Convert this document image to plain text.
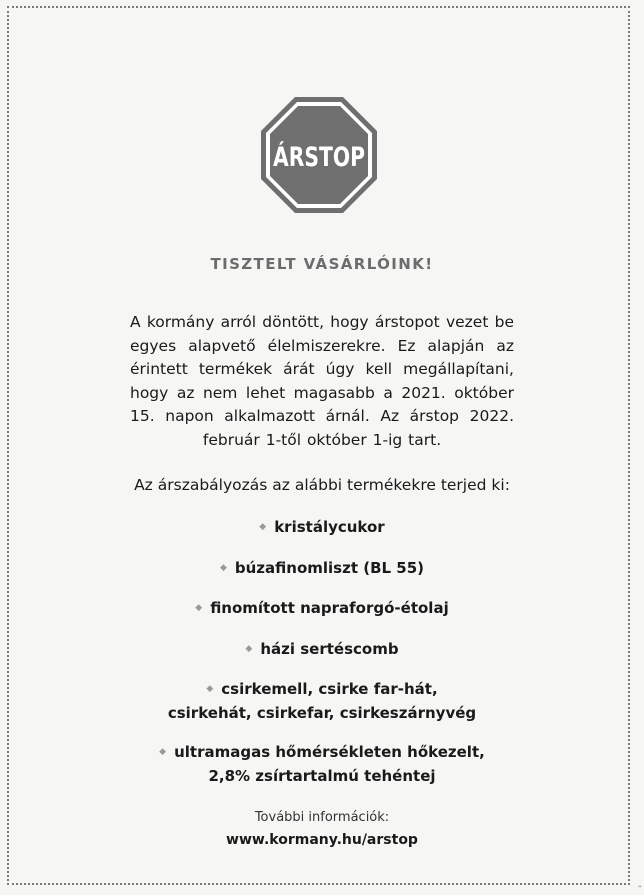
ÁRSTOP
TISZTELT VÁSÁRLÓINK!
A kormány arról döntött, hogy árstopot vezet be egyes alapvető élelmiszerekre. Ez alapján az érintett termékek árát úgy kell megállapítani, hogy az nem lehet magasabb a 2021. október 15. napon alkalmazott árnál. Az árstop 2022. február 1-től október 1-ig tart.
Az árszabályozás az alábbi termékekre terjed ki:
◆ kristálycukor
◆ búzafinomliszt (BL 55)
◆ finomított napraforgó-étolaj
◆ házi sertéscomb
◆ csirkemell, csirke far-hát,
csirkehát, csirkefar, csirkeszárnyvég
◆ ultramagas hőmérsékleten hőkezelt,
2,8% zsírtartalmú tehéntej
További információk:
www.kormany.hu/arstop
"
